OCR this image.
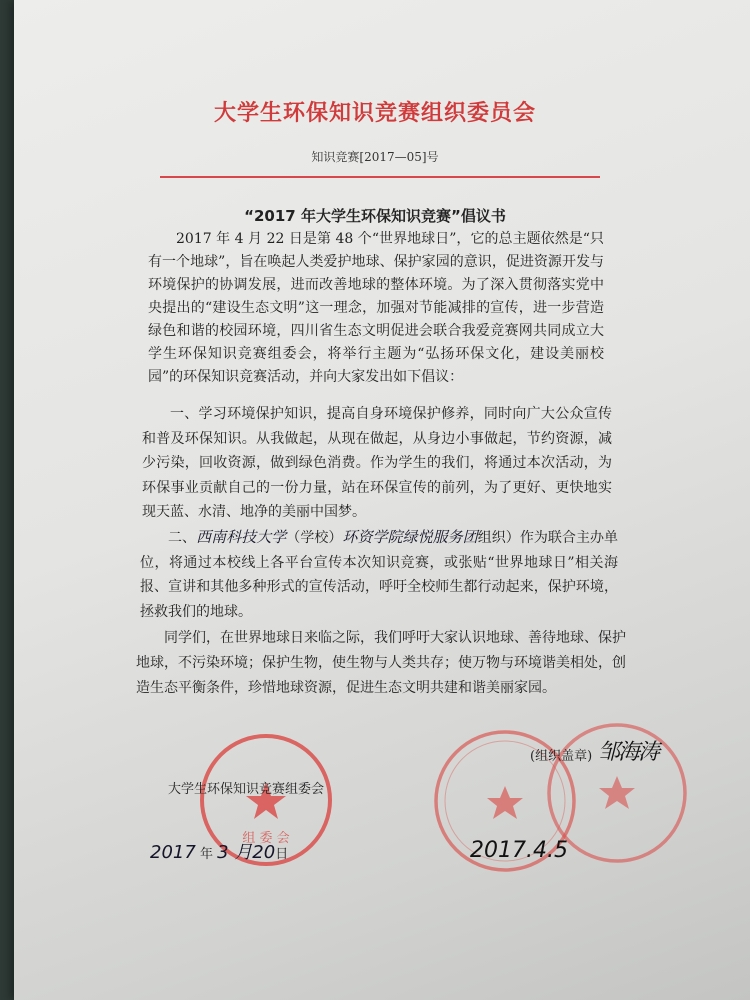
大学生环保知识竞赛组织委员会
知识竞赛[2017—05]号
“2017 年大学生环保知识竞赛”倡议书
2017 年 4 月 22 日是第 48 个“世界地球日”，它的总主题依然是“只有一个地球”，旨在唤起人类爱护地球、保护家园的意识，促进资源开发与环境保护的协调发展，进而改善地球的整体环境。为了深入贯彻落实党中央提出的“建设生态文明”这一理念，加强对节能减排的宣传，进一步营造绿色和谐的校园环境，四川省生态文明促进会联合我爱竞赛网共同成立大学生环保知识竞赛组委会，将举行主题为“弘扬环保文化，建设美丽校园”的环保知识竞赛活动，并向大家发出如下倡议：
一、学习环境保护知识，提高自身环境保护修养，同时向广大公众宣传和普及环保知识。从我做起，从现在做起，从身边小事做起，节约资源，减少污染，回收资源，做到绿色消费。作为学生的我们，将通过本次活动，为环保事业贡献自己的一份力量，站在环保宣传的前列，为了更好、更快地实现天蓝、水清、地净的美丽中国梦。
二、西南科技大学（学校）环资学院绿悦服务团组织）作为联合主办单位，将通过本校线上各平台宣传本次知识竞赛，或张贴“世界地球日”相关海报、宣讲和其他多种形式的宣传活动，呼吁全校师生都行动起来，保护环境，拯救我们的地球。
同学们，在世界地球日来临之际，我们呼吁大家认识地球、善待地球、保护地球，不污染环境；保护生物，使生物与人类共存；使万物与环境谐美相处，创造生态平衡条件，珍惜地球资源，促进生态文明共建和谐美丽家园。
组 委 会
大学生环保知识竞赛组委会
2017 年 3 月20日
(组织盖章) 邹海涛
2017.4.5
